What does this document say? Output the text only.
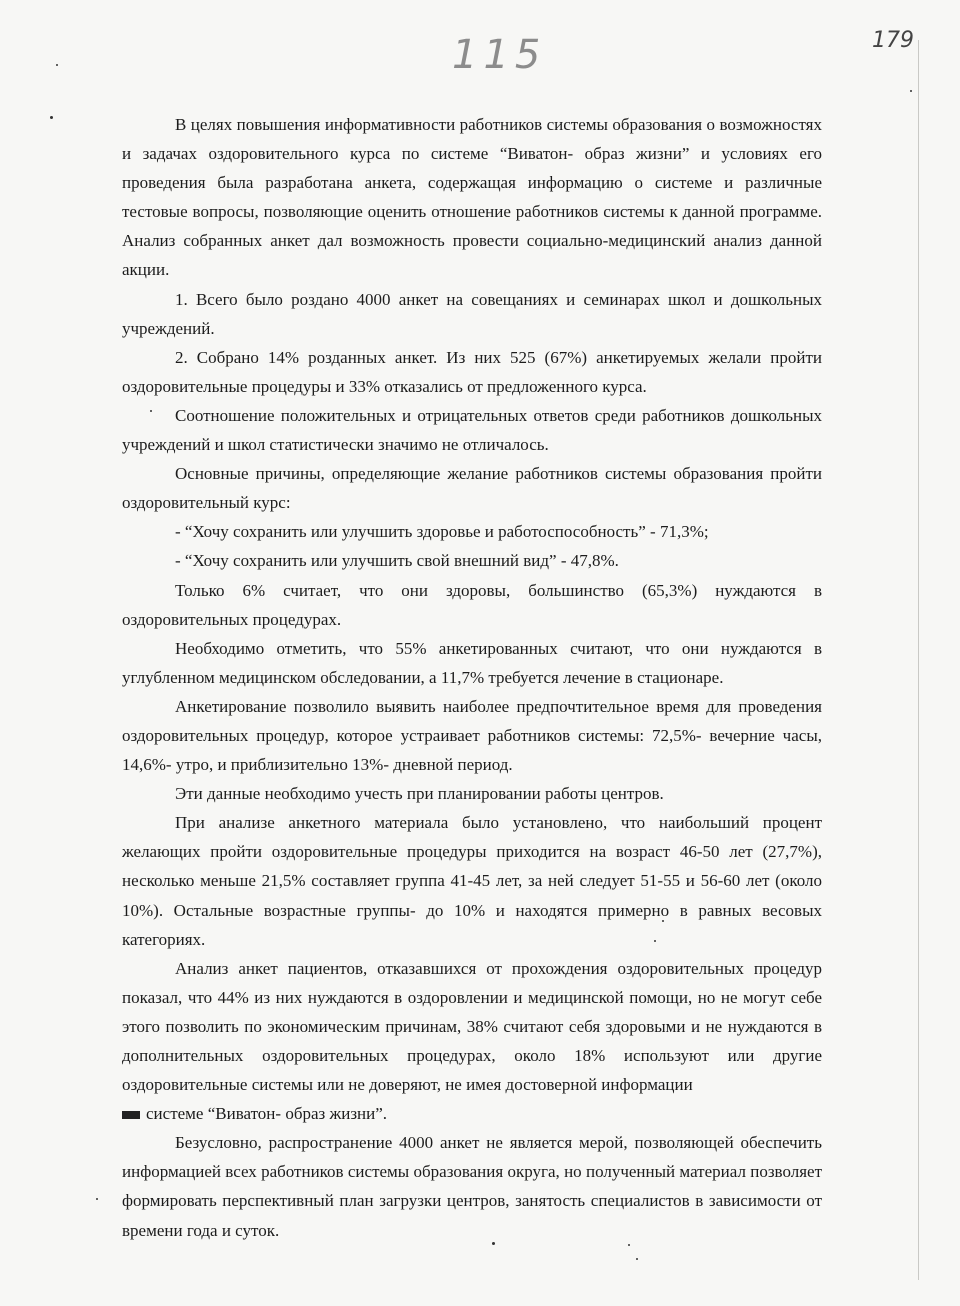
115	179

В целях повышения информативности работников системы образования о возможностях и задачах оздоровительного курса по системе “Виватон- образ жизни” и условиях его проведения была разработана анкета, содержащая информацию о системе и различные тестовые вопросы, позволяющие оценить отношение работников системы к данной программе. Анализ собранных анкет дал возможность провести социально-медицинский анализ данной акции.

1. Всего было роздано 4000 анкет на совещаниях и семинарах школ и дошкольных учреждений.

2. Собрано 14% розданных анкет. Из них 525 (67%) анкетируемых желали пройти оздоровительные процедуры и 33% отказались от предложенного курса.

Соотношение положительных и отрицательных ответов среди работников дошкольных учреждений и школ статистически значимо не отличалось.

Основные причины, определяющие желание работников системы образования пройти оздоровительный курс:

- “Хочу сохранить или улучшить здоровье и работоспособность” - 71,3%;

- “Хочу сохранить или улучшить свой внешний вид” - 47,8%.

Только 6% считает, что они здоровы, большинство (65,3%) нуждаются в оздоровительных процедурах.

Необходимо отметить, что 55% анкетированных считают, что они нуждаются в углубленном медицинском обследовании, а 11,7% требуется лечение в стационаре.

Анкетирование позволило выявить наиболее предпочтительное время для проведения оздоровительных процедур, которое устраивает работников системы: 72,5%- вечерние часы, 14,6%- утро, и приблизительно 13%- дневной период.

Эти данные необходимо учесть при планировании работы центров.

При анализе анкетного материала было установлено, что наибольший процент желающих пройти оздоровительные процедуры приходится на возраст 46-50 лет (27,7%), несколько меньше 21,5% составляет группа 41-45 лет, за ней следует 51-55 и 56-60 лет (около 10%). Остальные возрастные группы- до 10% и находятся примерно в равных весовых категориях.

Анализ анкет пациентов, отказавшихся от прохождения оздоровительных процедур показал, что 44% из них нуждаются в оздоровлении и медицинской помощи, но не могут себе этого позволить по экономическим причинам, 38% считают себя здоровыми и не нуждаются в дополнительных оздоровительных процедурах, около 18% используют или другие оздоровительные системы или не доверяют, не имея достоверной информации

системе “Виватон- образ жизни”.

Безусловно, распространение 4000 анкет не является мерой, позволяющей обеспечить информацией всех работников системы образования округа, но полученный материал позволяет формировать перспективный план загрузки центров, занятость специалистов в зависимости от времени года и суток.
